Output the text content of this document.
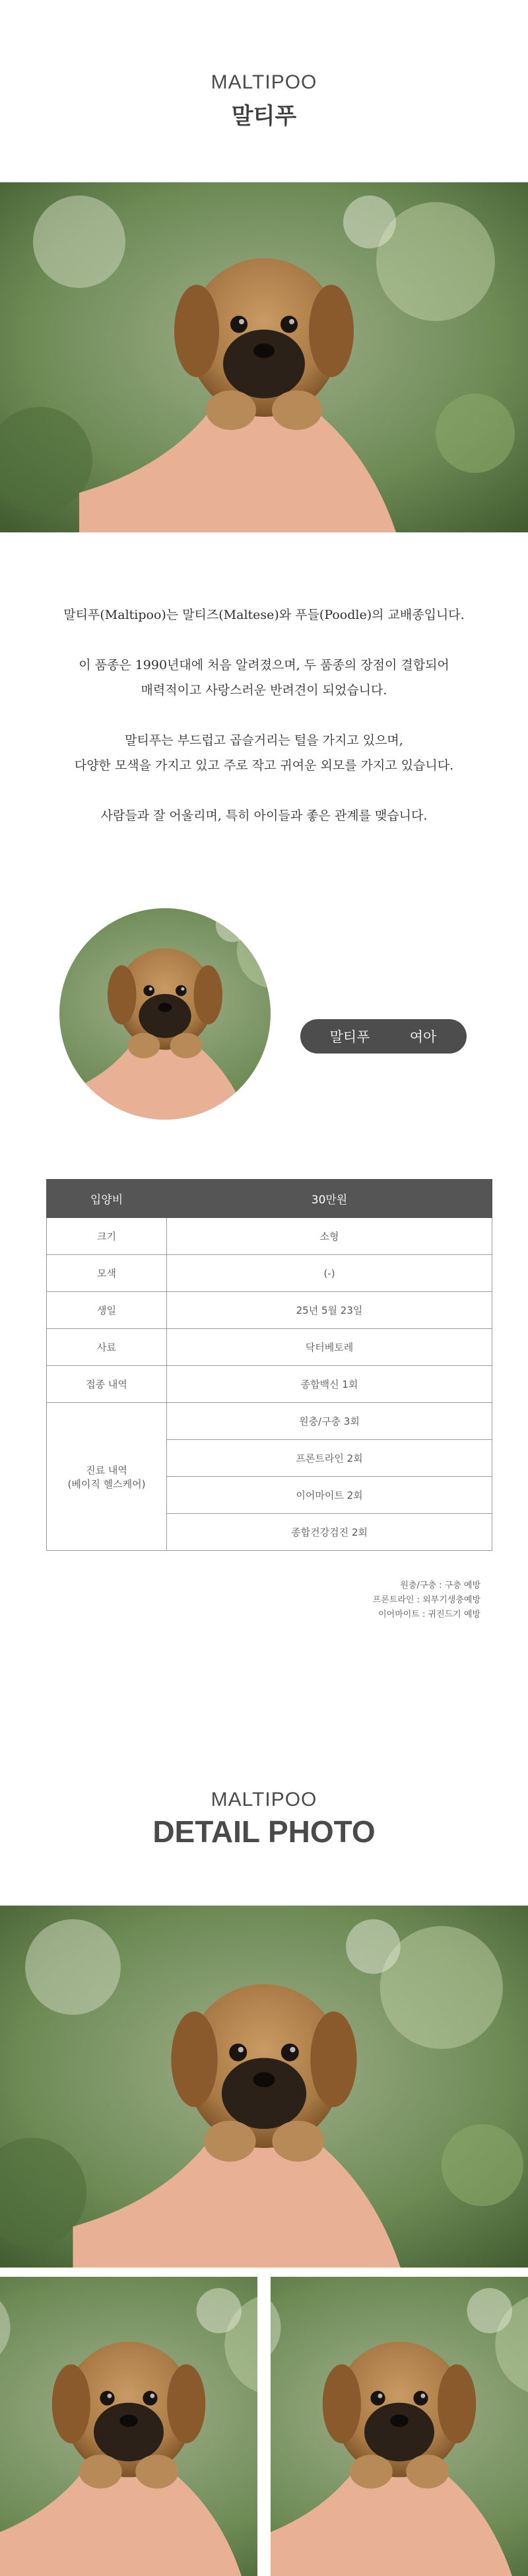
MALTIPOO
말티푸

말티푸(Maltipoo)는 말티즈(Maltese)와 푸들(Poodle)의 교배종입니다.

이 품종은 1990년대에 처음 알려졌으며, 두 품종의 장점이 결합되어
매력적이고 사랑스러운 반려견이 되었습니다.

말티푸는 부드럽고 곱슬거리는 털을 가지고 있으며,
다양한 모색을 가지고 있고 주로 작고 귀여운 외모를 가지고 있습니다.

사람들과 잘 어울리며, 특히 아이들과 좋은 관계를 맺습니다.

말티푸	여아
입양비	30만원
크기	소형
모색	(-)
생일	25년 5월 23일
사료	닥터베토레
접종 내역	종합백신 1회
진료 내역
(베이직 헬스케어)	원충/구충 3회
	프론트라인 2회
	이어마이트 2회
	종합건강검진 2회
원충/구충 : 구충 예방
프론트라인 : 외부기생충예방
이어마이트 : 귀진드기 예방
MALTIPOO
DETAIL PHOTO
